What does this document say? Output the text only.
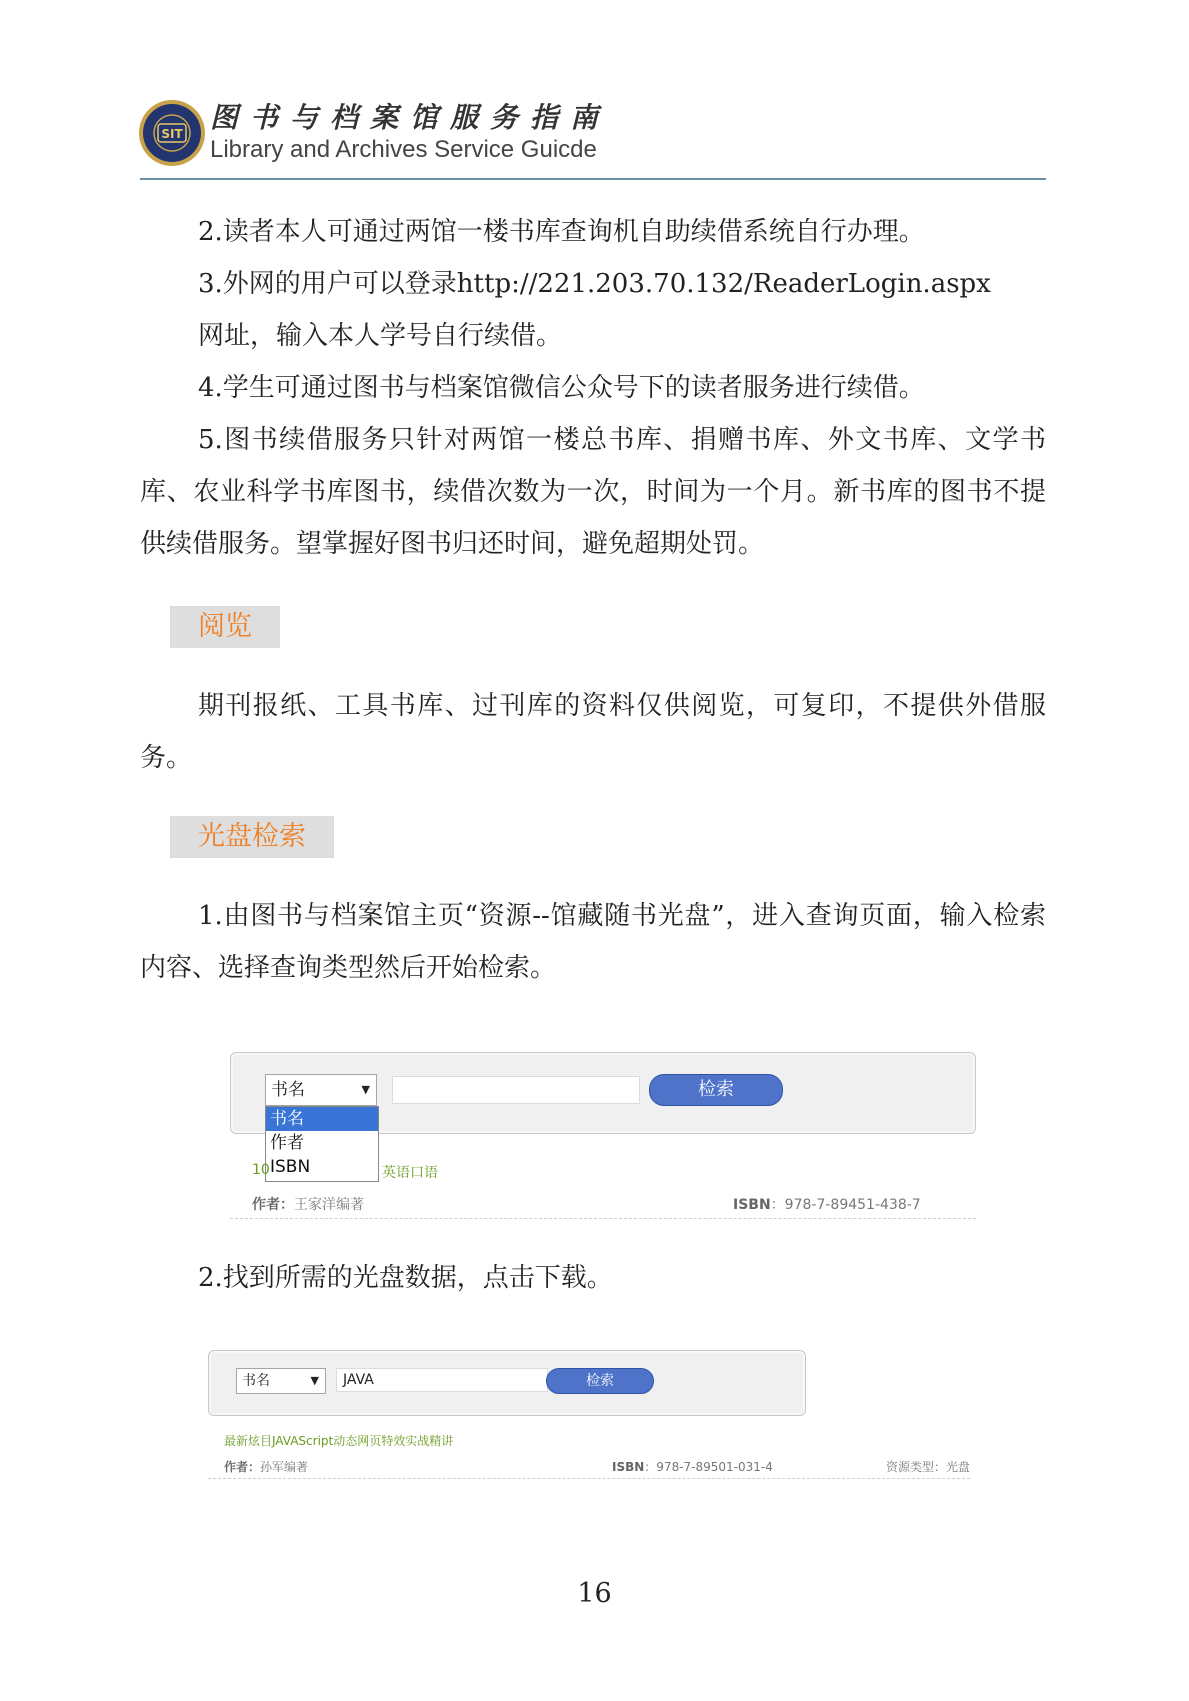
SIT 图书与档案馆服务指南
Library and Archives Service Guicde

2.读者本人可通过两馆一楼书库查询机自助续借系统自行办理。

3.外网的用户可以登录http://221.203.70.132/ReaderLogin.aspx

网址，输入本人学号自行续借。

4.学生可通过图书与档案馆微信公众号下的读者服务进行续借。

5.图书续借服务只针对两馆一楼总书库、捐赠书库、外文书库、文学书库、农业科学书库图书，续借次数为一次，时间为一个月。新书库的图书不提供续借服务。望掌握好图书归还时间，避免超期处罚。

阅览

期刊报纸、工具书库、过刊库的资料仅供阅览，可复印，不提供外借服务。

光盘检索

1.由图书与档案馆主页“资源--馆藏随书光盘”，进入查询页面，输入检索内容、选择查询类型然后开始检索。

书名	▼	检索
书名
作者
ISBN
10	英语口语
作者：王家洋编著	ISBN：978-7-89451-438-7

2.找到所需的光盘数据，点击下载。

书名	▼	JAVA	检索
最新炫目JAVAScript动态网页特效实战精讲
作者：孙军编著	ISBN：978-7-89501-031-4	资源类型：光盘
16
